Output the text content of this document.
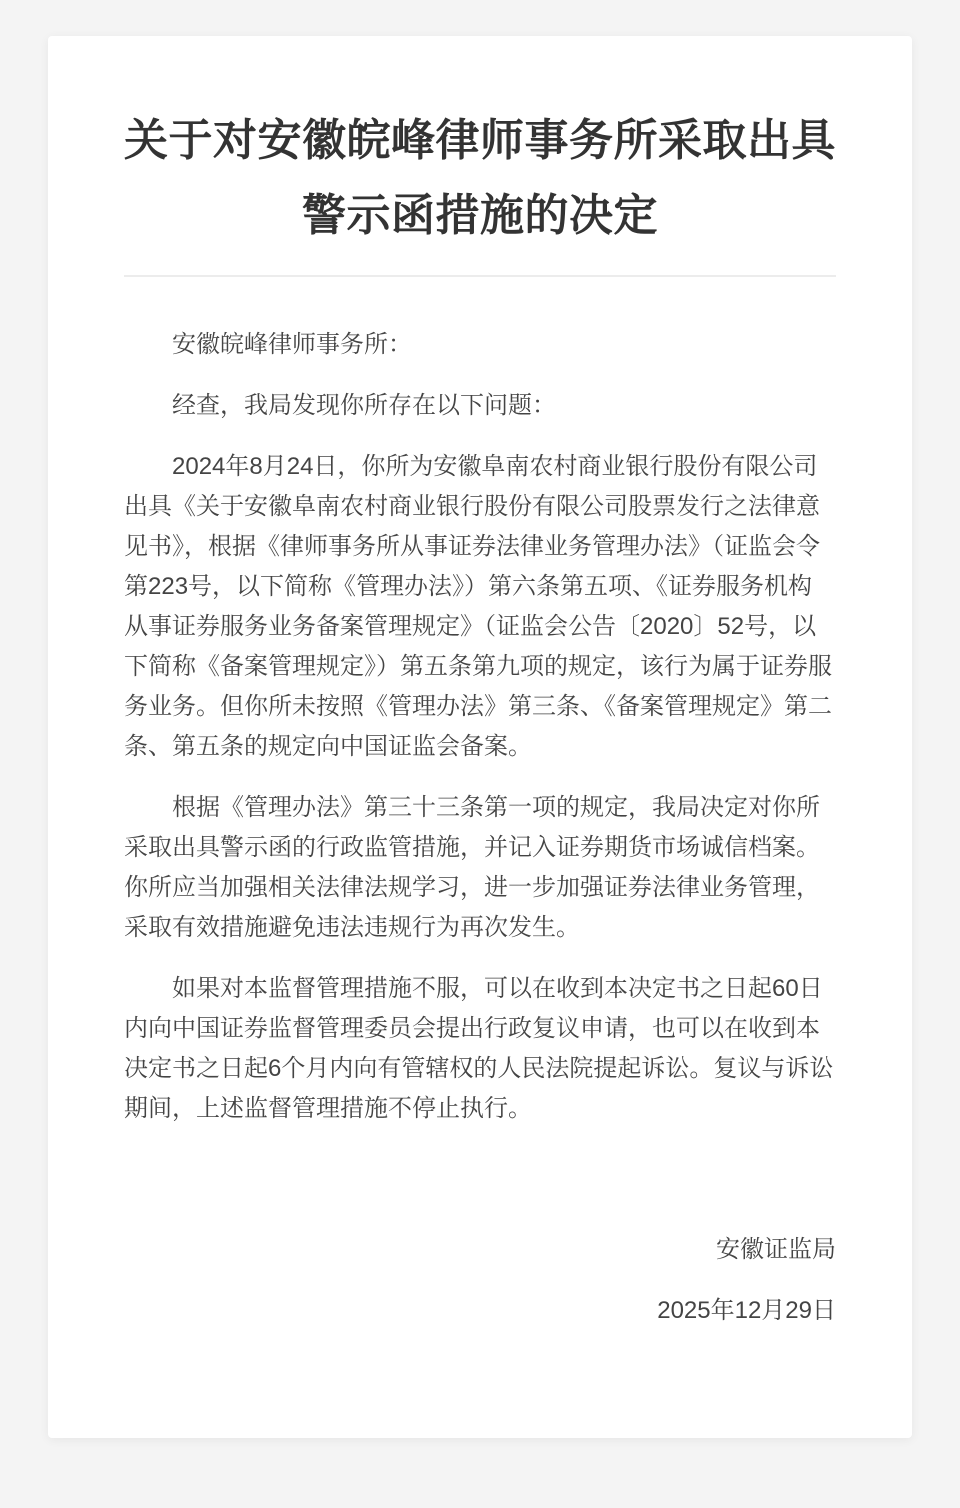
关于对安徽皖峰律师事务所采取出具警示函措施的决定

安徽皖峰律师事务所：

经查，我局发现你所存在以下问题：

2024年8月24日，你所为安徽阜南农村商业银行股份有限公司出具《关于安徽阜南农村商业银行股份有限公司股票发行之法律意见书》，根据《律师事务所从事证券法律业务管理办法》（证监会令第223号，以下简称《管理办法》）第六条第五项、《证券服务机构从事证券服务业务备案管理规定》（证监会公告〔2020〕52号，以下简称《备案管理规定》）第五条第九项的规定，该行为属于证券服务业务。但你所未按照《管理办法》第三条、《备案管理规定》第二条、第五条的规定向中国证监会备案。

根据《管理办法》第三十三条第一项的规定，我局决定对你所采取出具警示函的行政监管措施，并记入证券期货市场诚信档案。你所应当加强相关法律法规学习，进一步加强证券法律业务管理，采取有效措施避免违法违规行为再次发生。

如果对本监督管理措施不服，可以在收到本决定书之日起60日内向中国证券监督管理委员会提出行政复议申请，也可以在收到本决定书之日起6个月内向有管辖权的人民法院提起诉讼。复议与诉讼期间，上述监督管理措施不停止执行。

安徽证监局

2025年12月29日
